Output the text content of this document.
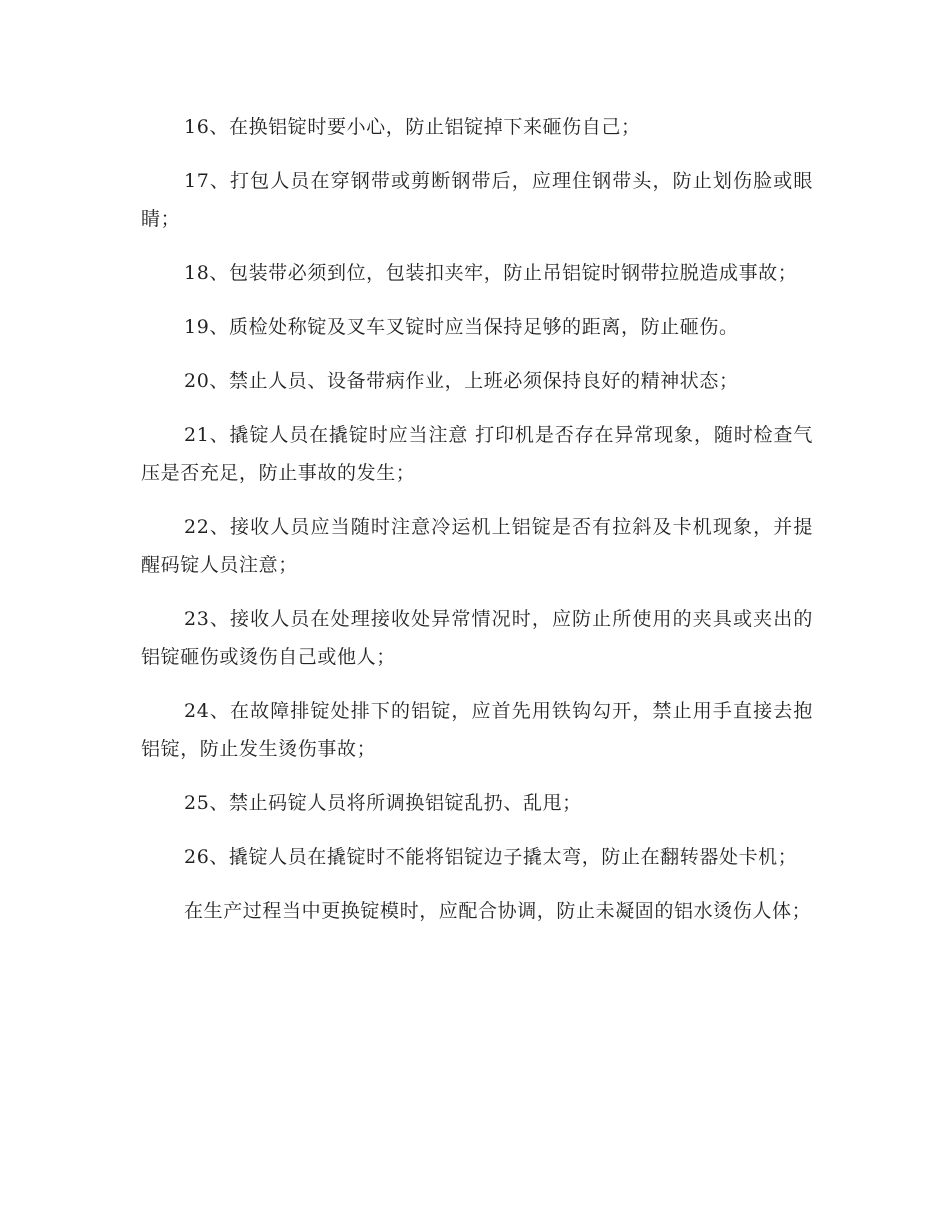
16、在换铝锭时要小心，防止铝锭掉下来砸伤自己；

17、打包人员在穿钢带或剪断钢带后，应理住钢带头，防止划伤脸或眼睛；

18、包装带必须到位，包装扣夹牢，防止吊铝锭时钢带拉脱造成事故；

19、质检处称锭及叉车叉锭时应当保持足够的距离，防止砸伤。

20、禁止人员、设备带病作业，上班必须保持良好的精神状态；

21、撬锭人员在撬锭时应当注意 打印机是否存在异常现象，随时检查气压是否充足，防止事故的发生；

22、接收人员应当随时注意冷运机上铝锭是否有拉斜及卡机现象，并提醒码锭人员注意；

23、接收人员在处理接收处异常情况时，应防止所使用的夹具或夹出的铝锭砸伤或烫伤自己或他人；

24、在故障排锭处排下的铝锭，应首先用铁钩勾开，禁止用手直接去抱铝锭，防止发生烫伤事故；

25、禁止码锭人员将所调换铝锭乱扔、乱甩；

26、撬锭人员在撬锭时不能将铝锭边子撬太弯，防止在翻转器处卡机；

在生产过程当中更换锭模时，应配合协调，防止未凝固的铝水烫伤人体；
